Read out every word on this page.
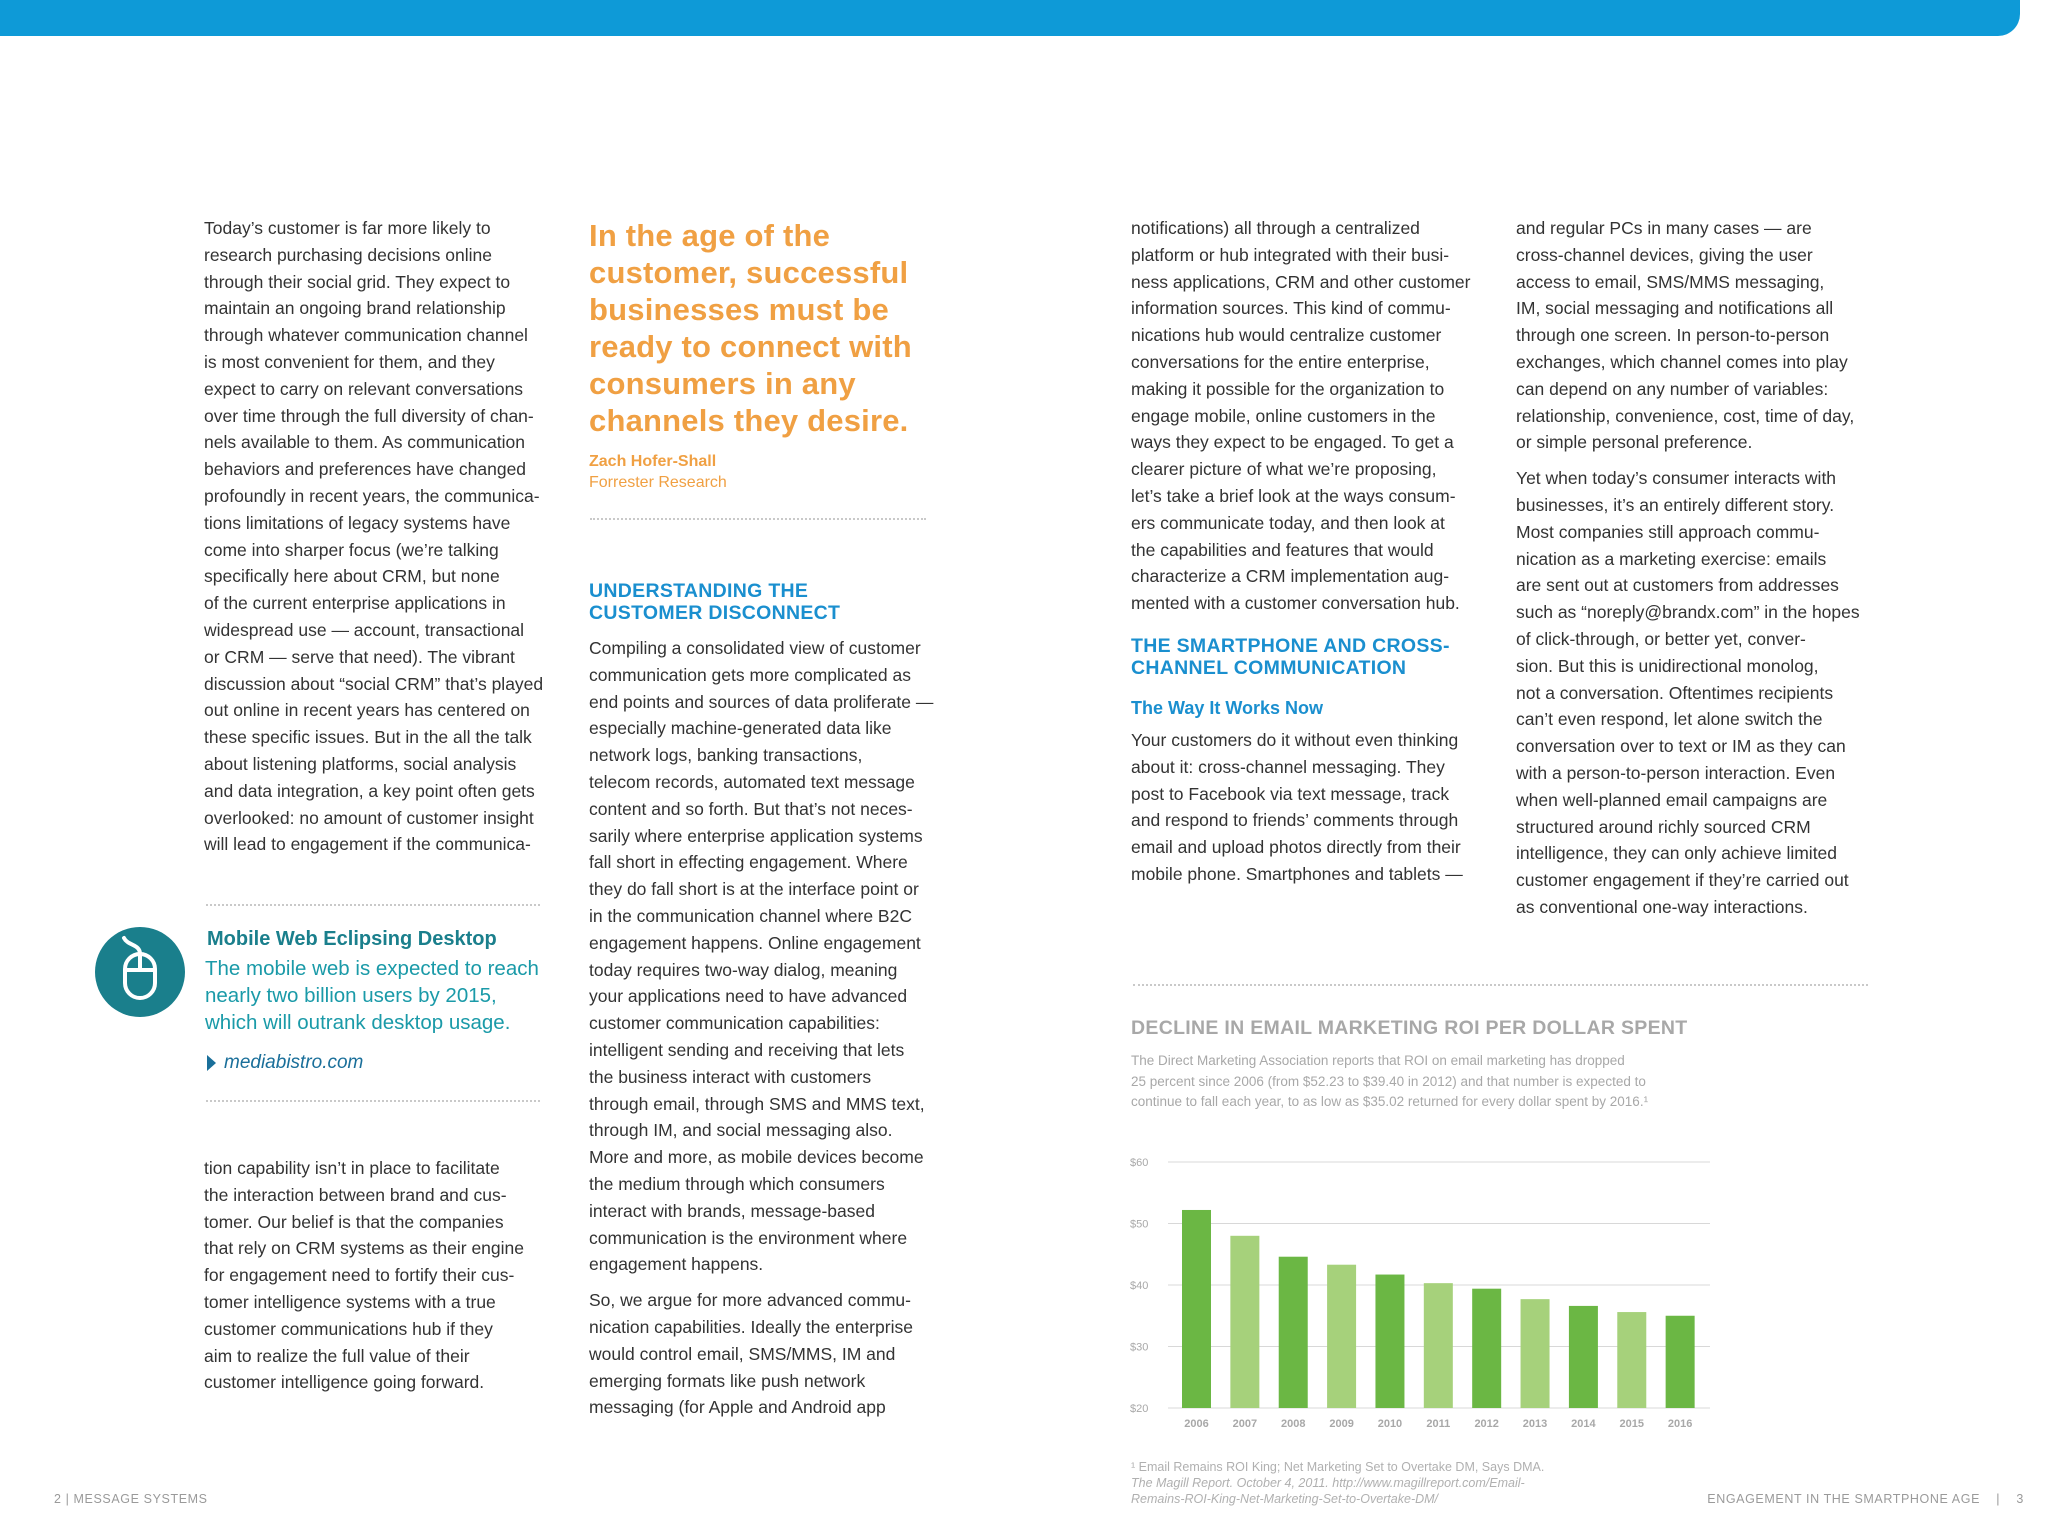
Today’s customer is far more likely to
research purchasing decisions online
through their social grid. They expect to
maintain an ongoing brand relationship
through whatever communication channel
is most convenient for them, and they
expect to carry on relevant conversations
over time through the full diversity of chan-
nels available to them. As communication
behaviors and preferences have changed
profoundly in recent years, the communica-
tions limitations of legacy systems have
come into sharper focus (we’re talking
specifically here about CRM, but none
of the current enterprise applications in
widespread use — account, transactional
or CRM — serve that need). The vibrant
discussion about “social CRM” that’s played
out online in recent years has centered on
these specific issues. But in the all the talk
about listening platforms, social analysis
and data integration, a key point often gets
overlooked: no amount of customer insight
will lead to engagement if the communica-

Mobile Web Eclipsing Desktop

The mobile web is expected to reach
nearly two billion users by 2015,
which will outrank desktop usage.

mediabistro.com

tion capability isn’t in place to facilitate
the interaction between brand and cus-
tomer. Our belief is that the companies
that rely on CRM systems as their engine
for engagement need to fortify their cus-
tomer intelligence systems with a true
customer communications hub if they
aim to realize the full value of their
customer intelligence going forward.

In the age of the
customer, successful
businesses must be
ready to connect with
consumers in any
channels they desire.

Zach Hofer-Shall

Forrester Research

UNDERSTANDING THE
CUSTOMER DISCONNECT

Compiling a consolidated view of customer
communication gets more complicated as
end points and sources of data proliferate —
especially machine-generated data like
network logs, banking transactions,
telecom records, automated text message
content and so forth. But that’s not neces-
sarily where enterprise application systems
fall short in effecting engagement. Where
they do fall short is at the interface point or
in the communication channel where B2C
engagement happens. Online engagement
today requires two-way dialog, meaning
your applications need to have advanced
customer communication capabilities:
intelligent sending and receiving that lets
the business interact with customers
through email, through SMS and MMS text,
through IM, and social messaging also.
More and more, as mobile devices become
the medium through which consumers
interact with brands, message-based
communication is the environment where
engagement happens.

So, we argue for more advanced commu-
nication capabilities. Ideally the enterprise
would control email, SMS/MMS, IM and
emerging formats like push network
messaging (for Apple and Android app

notifications) all through a centralized
platform or hub integrated with their busi-
ness applications, CRM and other customer
information sources. This kind of commu-
nications hub would centralize customer
conversations for the entire enterprise,
making it possible for the organization to
engage mobile, online customers in the
ways they expect to be engaged. To get a
clearer picture of what we’re proposing,
let’s take a brief look at the ways consum-
ers communicate today, and then look at
the capabilities and features that would
characterize a CRM implementation aug-
mented with a customer conversation hub.

THE SMARTPHONE AND CROSS-
CHANNEL COMMUNICATION

The Way It Works Now

Your customers do it without even thinking
about it: cross-channel messaging. They
post to Facebook via text message, track
and respond to friends’ comments through
email and upload photos directly from their
mobile phone. Smartphones and tablets —

and regular PCs in many cases — are
cross-channel devices, giving the user
access to email, SMS/MMS messaging,
IM, social messaging and notifications all
through one screen. In person-to-person
exchanges, which channel comes into play
can depend on any number of variables:
relationship, convenience, cost, time of day,
or simple personal preference.

Yet when today’s consumer interacts with
businesses, it’s an entirely different story.
Most companies still approach commu-
nication as a marketing exercise: emails
are sent out at customers from addresses
such as “noreply@brandx.com” in the hopes
of click-through, or better yet, conver-
sion. But this is unidirectional monolog,
not a conversation. Oftentimes recipients
can’t even respond, let alone switch the
conversation over to text or IM as they can
with a person-to-person interaction. Even
when well-planned email campaigns are
structured around richly sourced CRM
intelligence, they can only achieve limited
customer engagement if they’re carried out
as conventional one-way interactions.

DECLINE IN EMAIL MARKETING ROI PER DOLLAR SPENT

The Direct Marketing Association reports that ROI on email marketing has dropped
25 percent since 2006 (from $52.23 to $39.40 in 2012) and that number is expected to
continue to fall each year, to as low as $35.02 returned for every dollar spent by 2016.¹

$60
$50
$40
$30
$20
2006 2007 2008 2009 2010 2011 2012 2013 2014 2015 2016

¹ Email Remains ROI King; Net Marketing Set to Overtake DM, Says DMA.

The Magill Report. October 4, 2011. http://www.magillreport.com/Email-

Remains-ROI-King-Net-Marketing-Set-to-Overtake-DM/

2 | MESSAGE SYSTEMS	ENGAGEMENT IN THE SMARTPHONE AGE    |    3
